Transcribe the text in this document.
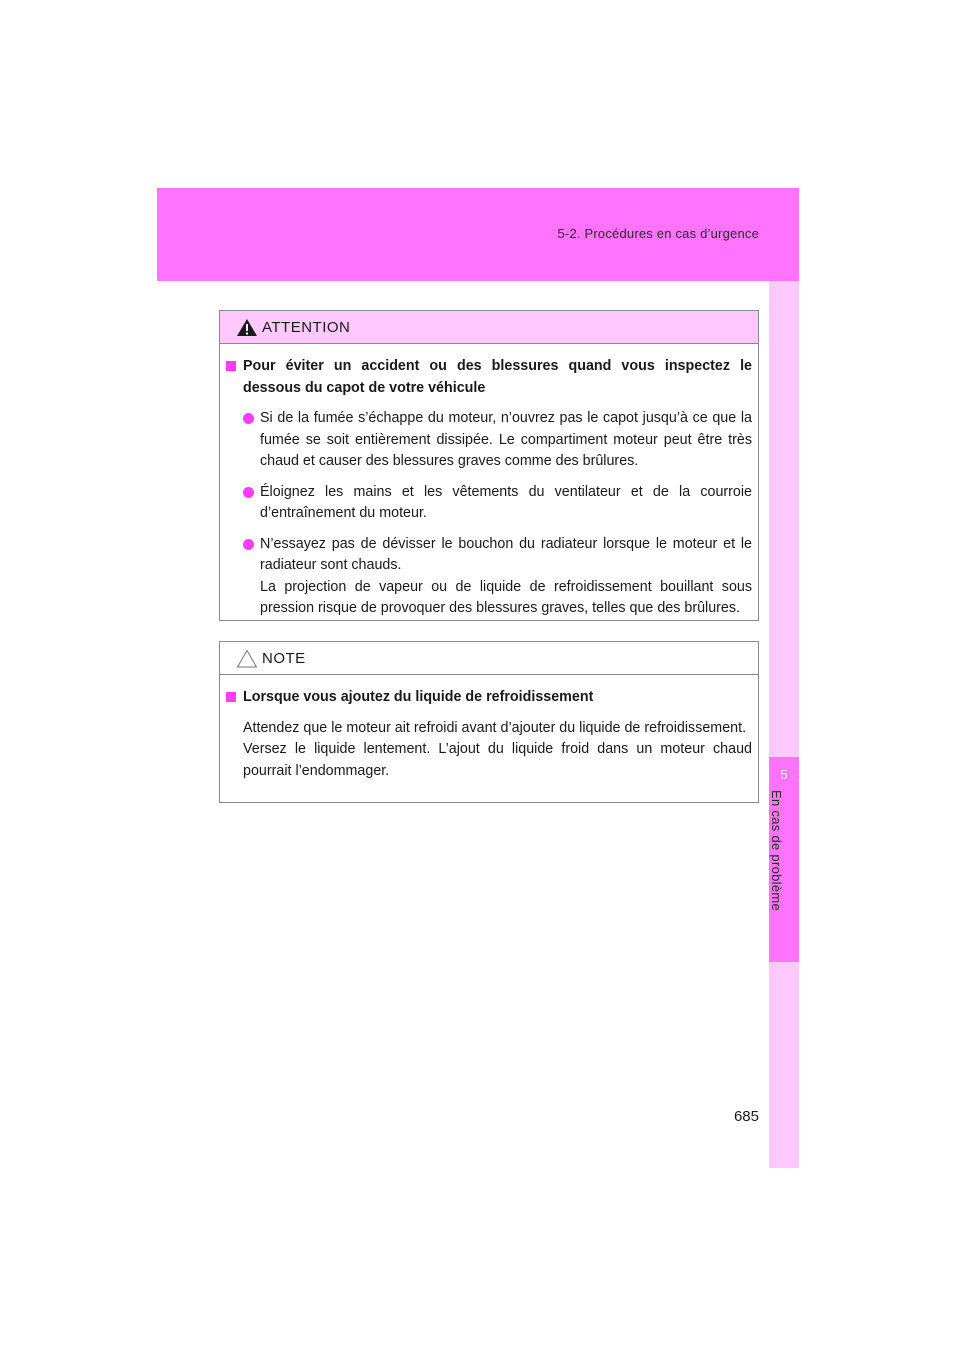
5-2. Procédures en cas d’urgence
5
En cas de problème
ATTENTION
Pour éviter un accident ou des blessures quand vous inspectez le dessous du capot de votre véhicule
Si de la fumée s’échappe du moteur, n’ouvrez pas le capot jusqu’à ce que la fumée se soit entièrement dissipée. Le compartiment moteur peut être très chaud et causer des blessures graves comme des brûlures.
Éloignez les mains et les vêtements du ventilateur et de la courroie d’entraînement du moteur.
N’essayez pas de dévisser le bouchon du radiateur lorsque le moteur et le radiateur sont chauds.
La projection de vapeur ou de liquide de refroidissement bouillant sous pression risque de provoquer des blessures graves, telles que des brûlures.
NOTE
Lorsque vous ajoutez du liquide de refroidissement
Attendez que le moteur ait refroidi avant d’ajouter du liquide de refroidissement.
Versez le liquide lentement. L’ajout du liquide froid dans un moteur chaud pourrait l’endommager.
685
